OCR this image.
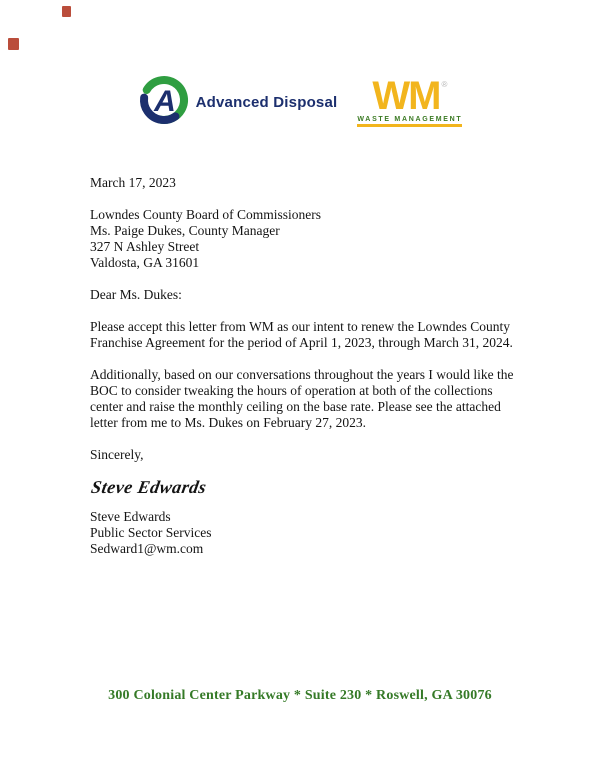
A Advanced Disposal WM ®
WASTE MANAGEMENT
March 17, 2023
Lowndes County Board of Commissioners
Ms. Paige Dukes, County Manager
327 N Ashley Street
Valdosta, GA 31601
Dear Ms. Dukes:
Please accept this letter from WM as our intent to renew the Lowndes County Franchise Agreement for the period of April 1, 2023, through March 31, 2024.
Additionally, based on our conversations throughout the years I would like the BOC to consider tweaking the hours of operation at both of the collections center and raise the monthly ceiling on the base rate. Please see the attached letter from me to Ms. Dukes on February 27, 2023.
Sincerely,
Steve Edwards
Steve Edwards
Public Sector Services
Sedward1@wm.com
300 Colonial Center Parkway * Suite 230 * Roswell, GA 30076
